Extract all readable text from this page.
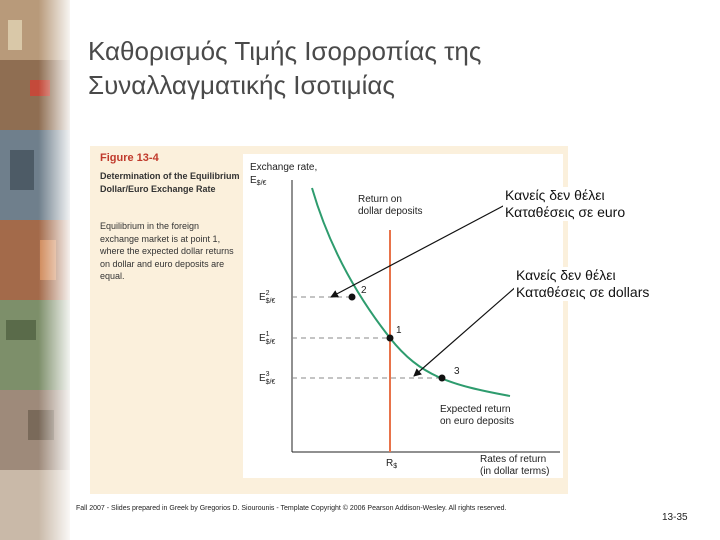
Καθορισμός Τιμής Ισορροπίας της
Συναλλαγματικής Ισοτιμίας
Figure 13-4
Determination of the Equilibrium Dollar/Euro Exchange Rate
Equilibrium in the foreign exchange market is at point 1, where the expected dollar returns on dollar and euro deposits are equal.
Exchange rate,
$E_{\$/€}$
Rates of return
(in dollar terms)
Return on
dollar deposits
$R_{\$}$
Expected return
on euro deposits
2
1
3
$E^2$ $/€
$E^1$ $/€
$E^3$ $/€
Κανείς δεν θέλει
Καταθέσεις σε euro
Κανείς δεν θέλει
Καταθέσεις σε dollars
Fall 2007 - Slides prepared in Greek by Gregorios D. Siourounis - Template Copyright © 2006 Pearson Addison-Wesley. All rights reserved.
13-35
